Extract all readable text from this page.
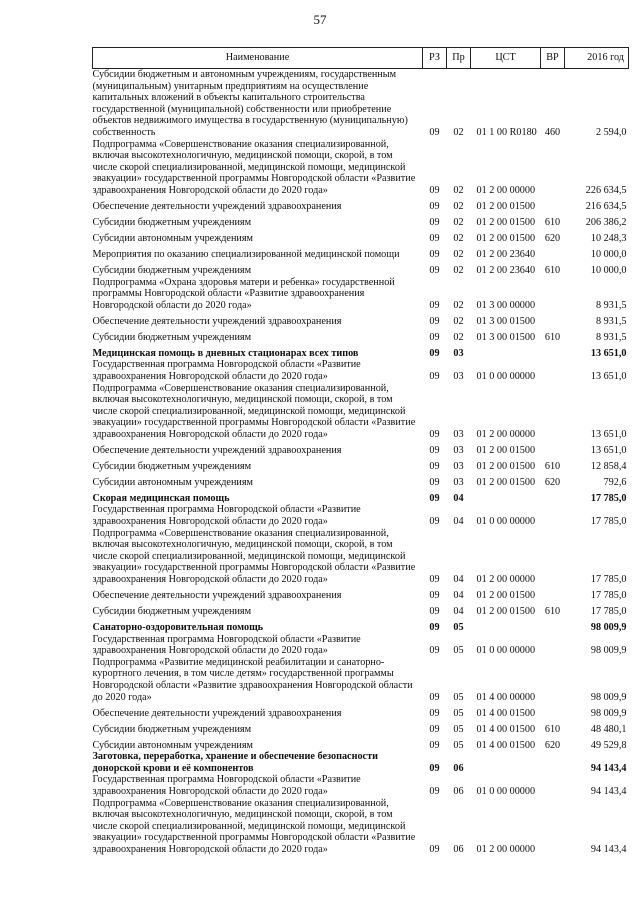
57
Наименование	РЗ	Пр	ЦСТ	ВР	2016 год
Субсидии бюджетным и автономным учреждениям, государственным (муниципальным) унитарным предприятиям на осуществление капитальных вложений в объекты капитального строительства государственной (муниципальной) собственности или приобретение объектов недвижимого имущества в государственную (муниципальную) собственность	09	02	01 1 00 R0180	460	2 594,0
Подпрограмма «Совершенствование оказания специализированной, включая высокотехнологичную, медицинской помощи, скорой, в том числе скорой специализированной, медицинской помощи, медицинской эвакуации» государственной программы Новгородской области «Развитие здравоохранения Новгородской области до 2020 года»	09	02	01 2 00 00000		226 634,5
Обеспечение деятельности учреждений здравоохранения	09	02	01 2 00 01500		216 634,5
Субсидии бюджетным учреждениям	09	02	01 2 00 01500	610	206 386,2
Субсидии автономным учреждениям	09	02	01 2 00 01500	620	10 248,3
Мероприятия по оказанию специализированной медицинской помощи	09	02	01 2 00 23640		10 000,0
Субсидии бюджетным учреждениям	09	02	01 2 00 23640	610	10 000,0
Подпрограмма «Охрана здоровья матери и ребенка» государственной программы Новгородской области «Развитие здравоохранения Новгородской области до 2020 года»	09	02	01 3 00 00000		8 931,5
Обеспечение деятельности учреждений здравоохранения	09	02	01 3 00 01500		8 931,5
Субсидии бюджетным учреждениям	09	02	01 3 00 01500	610	8 931,5
Медицинская помощь в дневных стационарах всех типов	09	03			13 651,0
Государственная программа Новгородской области «Развитие здравоохранения Новгородской области до 2020 года»	09	03	01 0 00 00000		13 651,0
Подпрограмма «Совершенствование оказания специализированной, включая высокотехнологичную, медицинской помощи, скорой, в том числе скорой специализированной, медицинской помощи, медицинской эвакуации» государственной программы Новгородской области «Развитие здравоохранения Новгородской области до 2020 года»	09	03	01 2 00 00000		13 651,0
Обеспечение деятельности учреждений здравоохранения	09	03	01 2 00 01500		13 651,0
Субсидии бюджетным учреждениям	09	03	01 2 00 01500	610	12 858,4
Субсидии автономным учреждениям	09	03	01 2 00 01500	620	792,6
Скорая медицинская помощь	09	04			17 785,0
Государственная программа Новгородской области «Развитие здравоохранения Новгородской области до 2020 года»	09	04	01 0 00 00000		17 785,0
Подпрограмма «Совершенствование оказания специализированной, включая высокотехнологичную, медицинской помощи, скорой, в том числе скорой специализированной, медицинской помощи, медицинской эвакуации» государственной программы Новгородской области «Развитие здравоохранения Новгородской области до 2020 года»	09	04	01 2 00 00000		17 785,0
Обеспечение деятельности учреждений здравоохранения	09	04	01 2 00 01500		17 785,0
Субсидии бюджетным учреждениям	09	04	01 2 00 01500	610	17 785,0
Санаторно-оздоровительная помощь	09	05			98 009,9
Государственная программа Новгородской области «Развитие здравоохранения Новгородской области до 2020 года»	09	05	01 0 00 00000		98 009,9
Подпрограмма «Развитие медицинской реабилитации и санаторно-курортного лечения, в том числе детям» государственной программы Новгородской области «Развитие здравоохранения Новгородской области до 2020 года»	09	05	01 4 00 00000		98 009,9
Обеспечение деятельности учреждений здравоохранения	09	05	01 4 00 01500		98 009,9
Субсидии бюджетным учреждениям	09	05	01 4 00 01500	610	48 480,1
Субсидии автономным учреждениям	09	05	01 4 00 01500	620	49 529,8
Заготовка, переработка, хранение и обеспечение безопасности донорской крови и её компонентов	09	06			94 143,4
Государственная программа Новгородской области «Развитие здравоохранения Новгородской области до 2020 года»	09	06	01 0 00 00000		94 143,4
Подпрограмма «Совершенствование оказания специализированной, включая высокотехнологичную, медицинской помощи, скорой, в том числе скорой специализированной, медицинской помощи, медицинской эвакуации» государственной программы Новгородской области «Развитие здравоохранения Новгородской области до 2020 года»	09	06	01 2 00 00000		94 143,4
